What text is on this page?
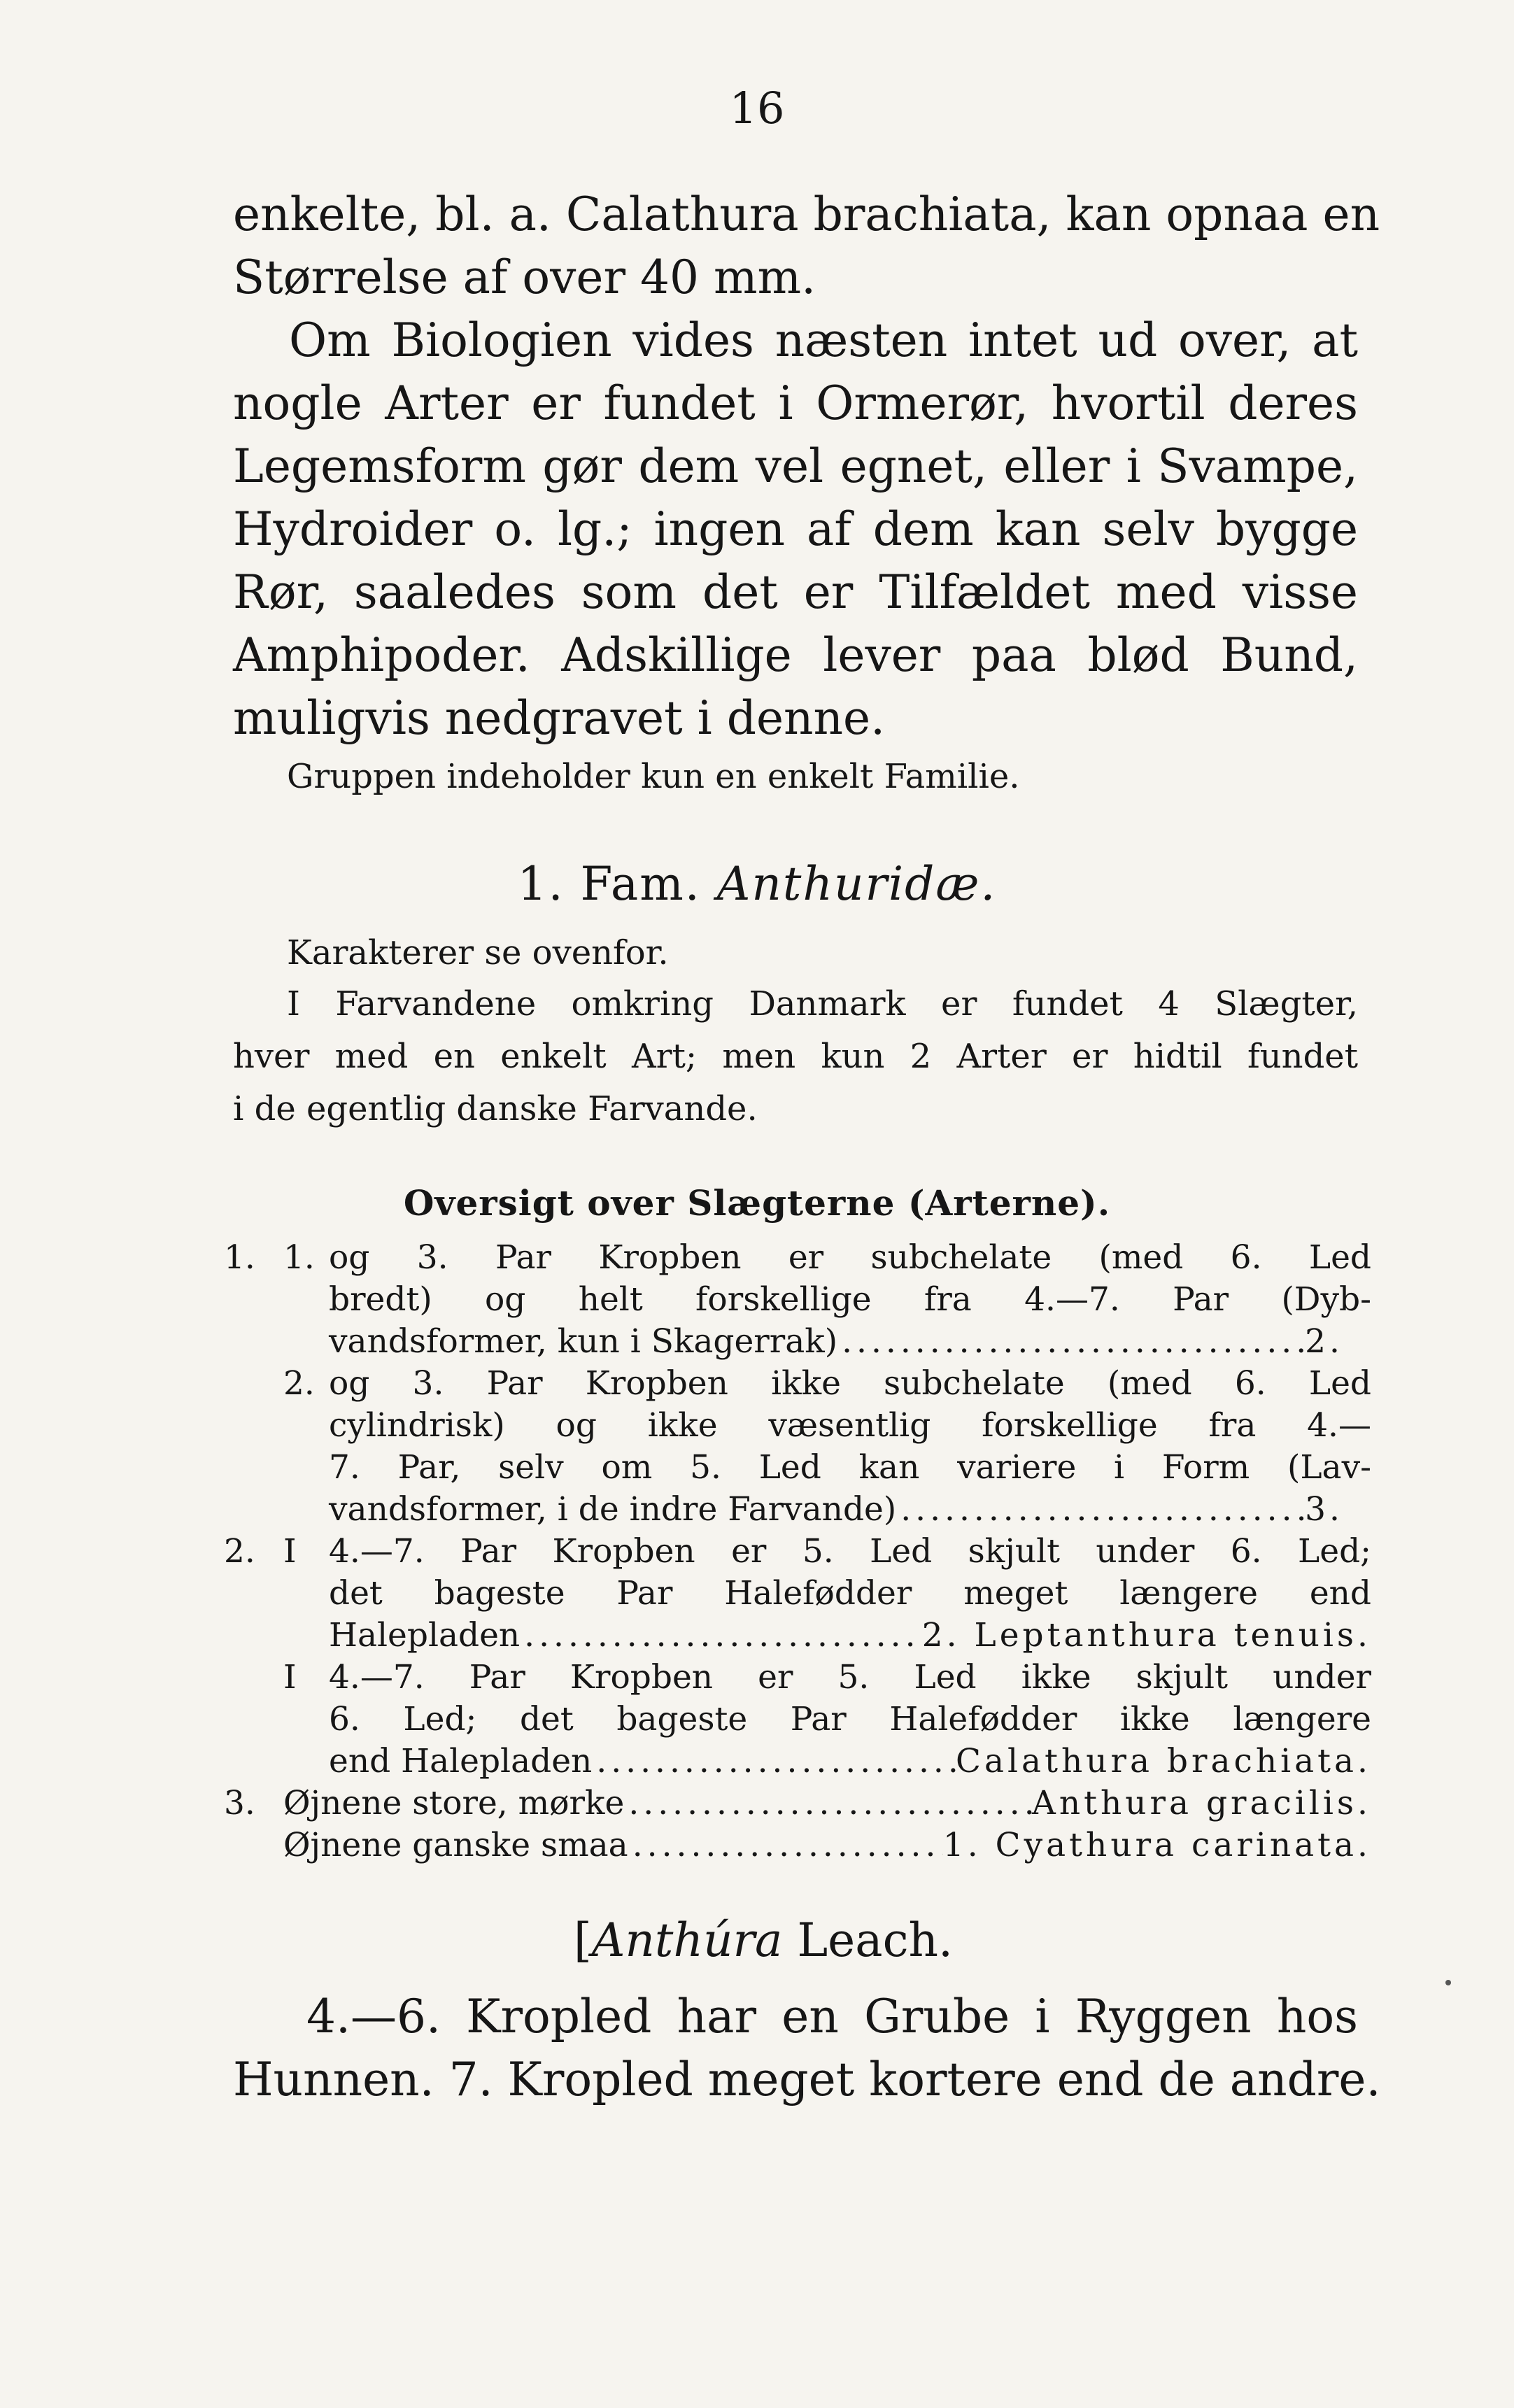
16
enkelte, bl. a. Calathura brachiata, kan opnaa en
Størrelse af over 40 mm.
Om Biologien vides næsten intet ud over, at
nogle Arter er fundet i Ormerør, hvortil deres
Legemsform gør dem vel egnet, eller i Svampe,
Hydroider o. lg.; ingen af dem kan selv bygge
Rør, saaledes som det er Tilfældet med visse
Amphipoder. Adskillige lever paa blød Bund,
muligvis nedgravet i denne.
Gruppen indeholder kun en enkelt Familie.
1. Fam. Anthuridæ.
Karakterer se ovenfor.
I Farvandene omkring Danmark er fundet 4 Slægter,
hver med en enkelt Art; men kun 2 Arter er hidtil fundet
i de egentlig danske Farvande.
Oversigt over Slægterne (Arterne).
1. 1. og 3. Par Kropben er subchelate (med 6. Led
bredt) og helt forskellige fra 4.—7. Par (Dyb-
vandsformer, kun i Skagerrak) .....	2.
2. og 3. Par Kropben ikke subchelate (med 6. Led
cylindrisk) og ikke væsentlig forskellige fra 4.—
7. Par, selv om 5. Led kan variere i Form (Lav-
vandsformer, i de indre Farvande) .....	3.
2. I 4.—7. Par Kropben er 5. Led skjult under 6. Led;
det bageste Par Halefødder meget længere end
Halepladen .....	2. Leptanthura tenuis.
I 4.—7. Par Kropben er 5. Led ikke skjult under
6. Led; det bageste Par Halefødder ikke længere
end Halepladen .....	Calathura brachiata.
3. Øjnene store, mørke .....	Anthura gracilis.
Øjnene ganske smaa .....	1. Cyathura carinata.
[Anthúra Leach.
4.—6. Kropled har en Grube i Ryggen hos
Hunnen. 7. Kropled meget kortere end de andre.
